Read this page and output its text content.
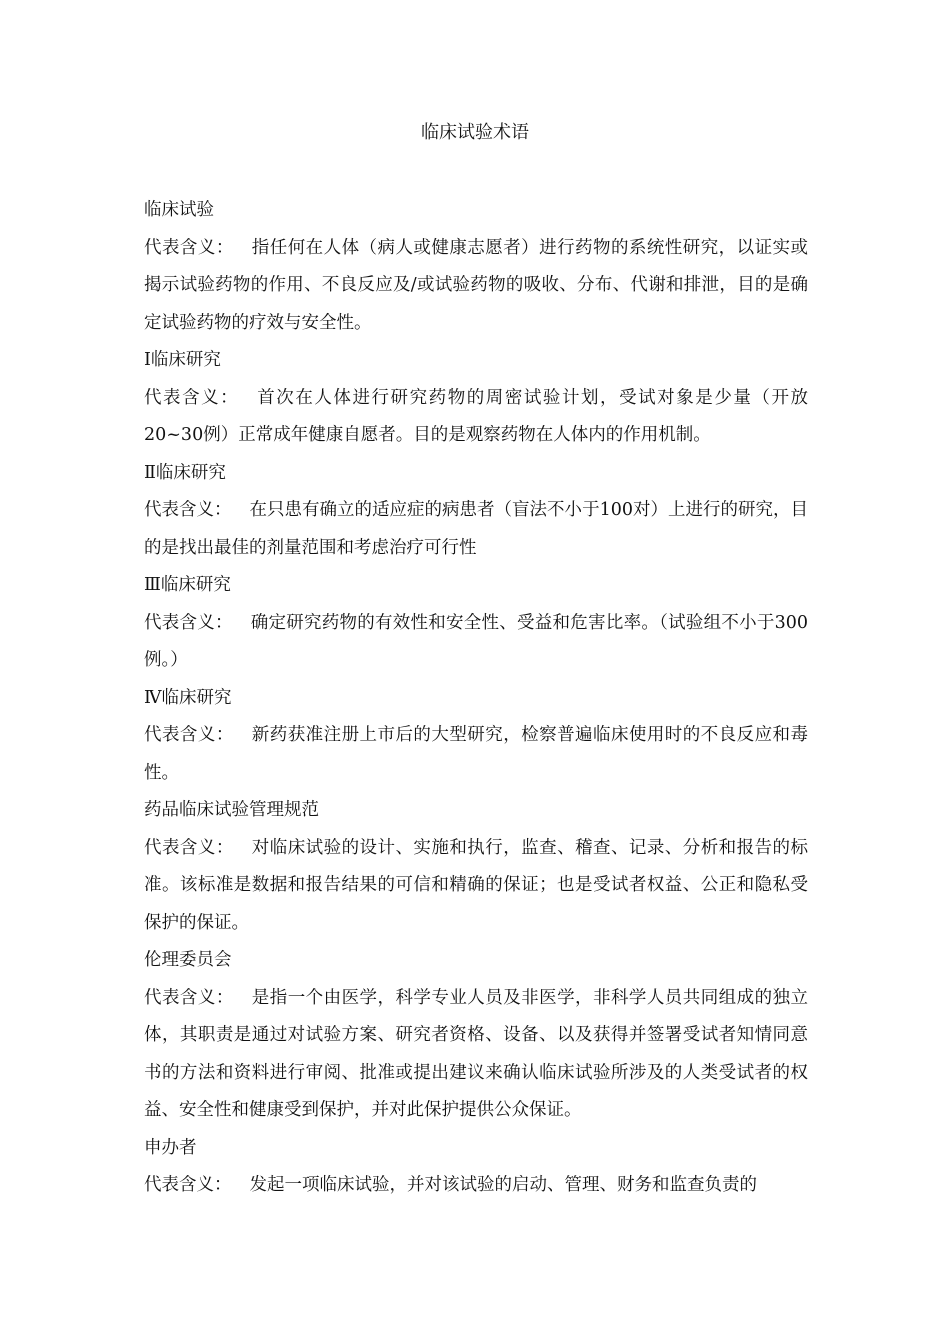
临床试验术语

临床试验

代表含义： 指任何在人体（病人或健康志愿者）进行药物的系统性研究，以证实或揭示试验药物的作用、不良反应及/或试验药物的吸收、分布、代谢和排泄，目的是确定试验药物的疗效与安全性。

Ⅰ临床研究

代表含义： 首次在人体进行研究药物的周密试验计划，受试对象是少量（开放20~30例）正常成年健康自愿者。目的是观察药物在人体内的作用机制。

Ⅱ临床研究

代表含义： 在只患有确立的适应症的病患者（盲法不小于100对）上进行的研究，目的是找出最佳的剂量范围和考虑治疗可行性

Ⅲ临床研究

代表含义： 确定研究药物的有效性和安全性、受益和危害比率。（试验组不小于300例。）

Ⅳ临床研究

代表含义： 新药获准注册上市后的大型研究，检察普遍临床使用时的不良反应和毒性。

药品临床试验管理规范

代表含义： 对临床试验的设计、实施和执行，监查、稽查、记录、分析和报告的标准。该标准是数据和报告结果的可信和精确的保证；也是受试者权益、公正和隐私受保护的保证。

伦理委员会

代表含义： 是指一个由医学，科学专业人员及非医学，非科学人员共同组成的独立体，其职责是通过对试验方案、研究者资格、设备、以及获得并签署受试者知情同意书的方法和资料进行审阅、批准或提出建议来确认临床试验所涉及的人类受试者的权益、安全性和健康受到保护，并对此保护提供公众保证。

申办者

代表含义： 发起一项临床试验，并对该试验的启动、管理、财务和监查负责的
